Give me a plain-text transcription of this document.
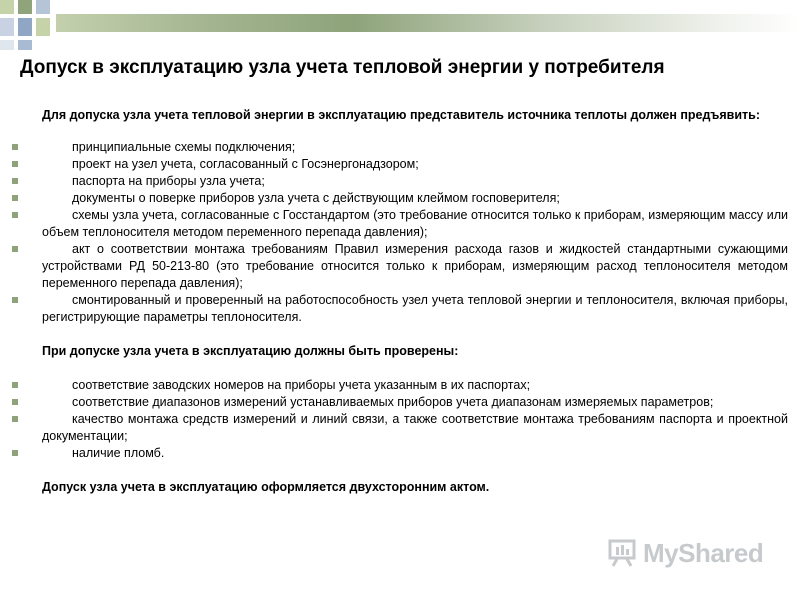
Допуск в эксплуатацию узла учета тепловой энергии у потребителя
Для допуска узла учета тепловой энергии в эксплуатацию представитель источника теплоты должен предъявить:
принципиальные схемы подключения;
проект на узел учета, согласованный с Госэнергонадзором;
паспорта на приборы узла учета;
документы о поверке приборов узла учета с действующим клеймом госповерителя;
схемы узла учета, согласованные с Госстандартом (это требование относится только к приборам, измеряющим массу или объем теплоносителя методом переменного перепада давления);
акт о соответствии монтажа требованиям Правил измерения расхода газов и жидкостей стандартными сужающими устройствами РД 50-213-80 (это требование относится только к приборам, измеряющим расход теплоносителя методом переменного перепада давления);
смонтированный и проверенный на работоспособность узел учета тепловой энергии и теплоносителя, включая приборы, регистрирующие параметры теплоносителя.
При допуске узла учета в эксплуатацию должны быть проверены:
соответствие заводских номеров на приборы учета указанным в их паспортах;
соответствие диапазонов измерений устанавливаемых приборов учета диапазонам измеряемых параметров;
качество монтажа средств измерений и линий связи, а также соответствие монтажа требованиям паспорта и проектной документации;
наличие пломб.
Допуск узла учета в эксплуатацию оформляется двухсторонним актом.
MyShared
